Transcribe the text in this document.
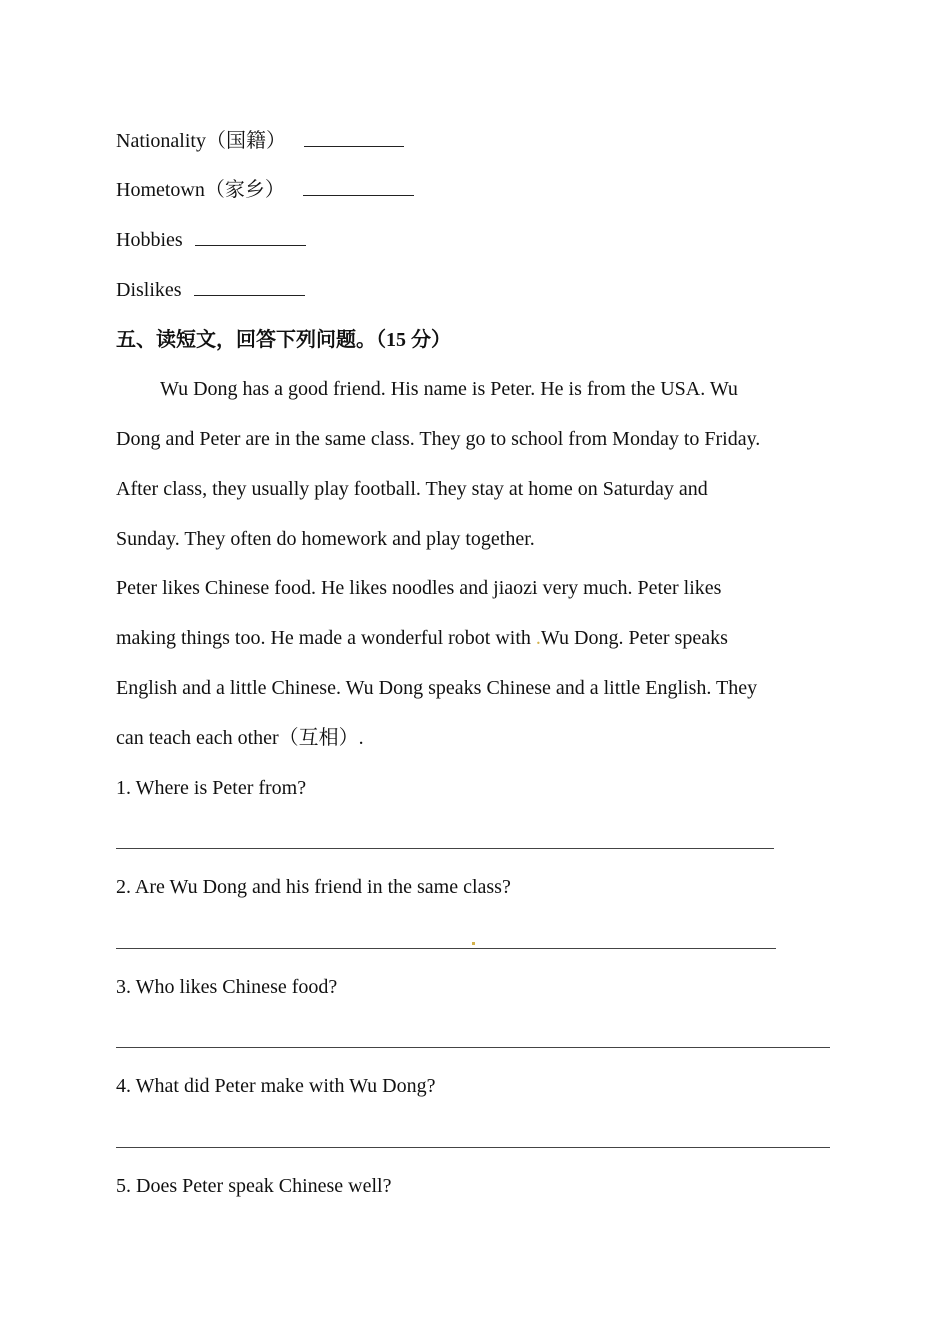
Nationality（国籍）
Hometown（家乡）
Hobbies
Dislikes
五、读短文，回答下列问题。（15 分）
Wu Dong has a good friend. His name is Peter. He is from the USA. Wu
Dong and Peter are in the same class. They go to school from Monday to Friday.
After class, they usually play football. They stay at home on Saturday and
Sunday. They often do homework and play together.
Peter likes Chinese food. He likes noodles and jiaozi very much. Peter likes
making things too. He made a wonderful robot with .Wu Dong. Peter speaks
English and a little Chinese. Wu Dong speaks Chinese and a little English. They
can teach each other（互相）.
1. Where is Peter from?
2. Are Wu Dong and his friend in the same class?
3. Who likes Chinese food?
4. What did Peter make with Wu Dong?
5. Does Peter speak Chinese well?
